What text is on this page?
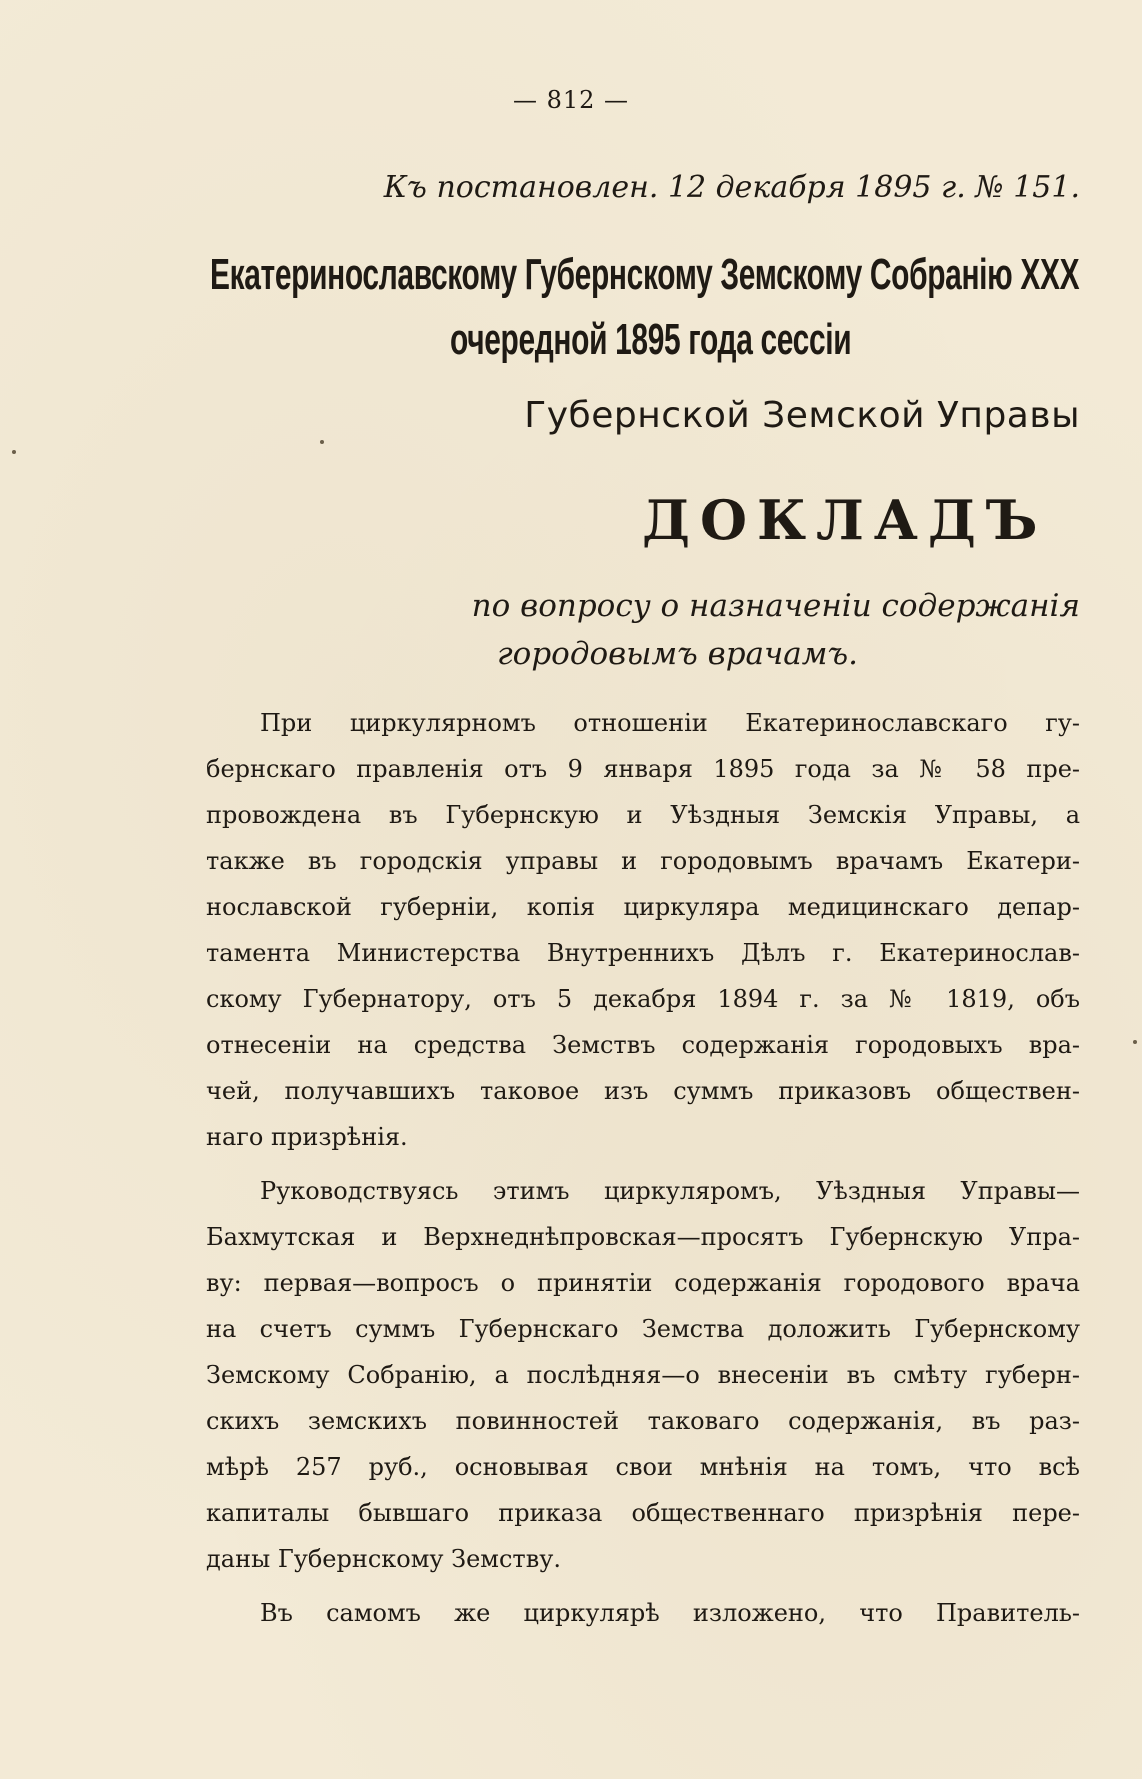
— 812 —
Къ постановлен. 12 декабря 1895 г. № 151.
Екатеринославскому Губернскому Земскому Собранію XXX
очередной 1895 года сессіи
Губернской Земской Управы
ДОКЛАДЪ
по вопросу о назначеніи содержанія
городовымъ врачамъ.
При циркулярномъ отношеніи Екатеринославскаго гу-
бернскаго правленія отъ 9 января 1895 года за № 58 пре-
провождена въ Губернскую и Уѣздныя Земскія Управы, а
также въ городскія управы и городовымъ врачамъ Екатери-
нославской губерніи, копія циркуляра медицинскаго депар-
тамента Министерства Внутреннихъ Дѣлъ г. Екатеринослав-
скому Губернатору, отъ 5 декабря 1894 г. за № 1819, объ
отнесеніи на средства Земствъ содержанія городовыхъ вра-
чей, получавшихъ таковое изъ суммъ приказовъ обществен-
наго призрѣнія.
Руководствуясь этимъ циркуляромъ, Уѣздныя Управы—
Бахмутская и Верхнеднѣпровская—просятъ Губернскую Упра-
ву: первая—вопросъ о принятіи содержанія городового врача
на счетъ суммъ Губернскаго Земства доложить Губернскому
Земскому Собранію, а послѣдняя—о внесеніи въ смѣту губерн-
скихъ земскихъ повинностей таковаго содержанія, въ раз-
мѣрѣ 257 руб., основывая свои мнѣнія на томъ, что всѣ
капиталы бывшаго приказа общественнаго призрѣнія пере-
даны Губернскому Земству.
Въ самомъ же циркулярѣ изложено, что Правитель-
